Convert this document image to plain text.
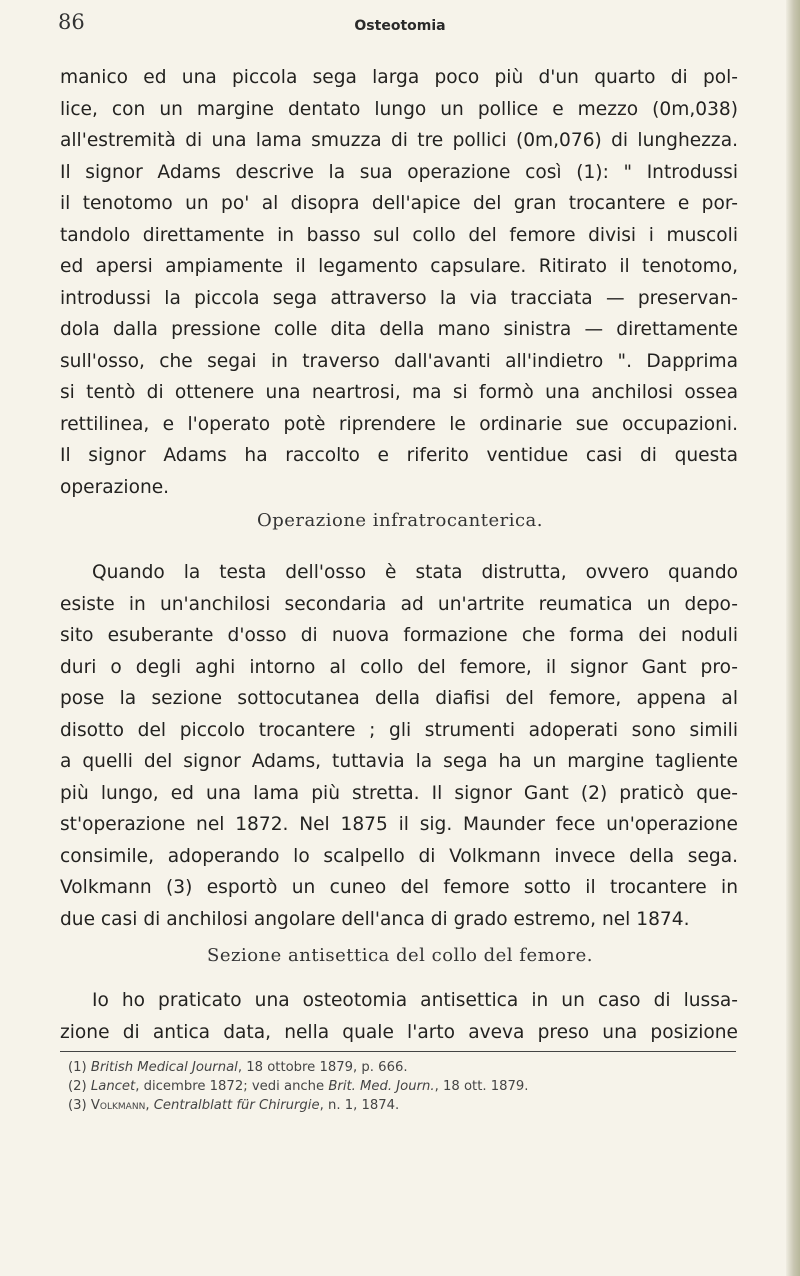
86	Osteotomia
manico ed una piccola sega larga poco più d'un quarto di pol-
lice, con un margine dentato lungo un pollice e mezzo (0m,038)
all'estremità di una lama smuzza di tre pollici (0m,076) di lunghezza.
Il signor Adams descrive la sua operazione così (1): " Introdussi
il tenotomo un po' al disopra dell'apice del gran trocantere e por-
tandolo direttamente in basso sul collo del femore divisi i muscoli
ed apersi ampiamente il legamento capsulare. Ritirato il tenotomo,
introdussi la piccola sega attraverso la via tracciata — preservan-
dola dalla pressione colle dita della mano sinistra — direttamente
sull'osso, che segai in traverso dall'avanti all'indietro ". Dapprima
si tentò di ottenere una neartrosi, ma si formò una anchilosi ossea
rettilinea, e l'operato potè riprendere le ordinarie sue occupazioni.
Il signor Adams ha raccolto e riferito ventidue casi di questa
operazione.
Operazione infratrocanterica.
Quando la testa dell'osso è stata distrutta, ovvero quando
esiste in un'anchilosi secondaria ad un'artrite reumatica un depo-
sito esuberante d'osso di nuova formazione che forma dei noduli
duri o degli aghi intorno al collo del femore, il signor Gant pro-
pose la sezione sottocutanea della diafisi del femore, appena al
disotto del piccolo trocantere ; gli strumenti adoperati sono simili
a quelli del signor Adams, tuttavia la sega ha un margine tagliente
più lungo, ed una lama più stretta. Il signor Gant (2) praticò que-
st'operazione nel 1872. Nel 1875 il sig. Maunder fece un'operazione
consimile, adoperando lo scalpello di Volkmann invece della sega.
Volkmann (3) esportò un cuneo del femore sotto il trocantere in
due casi di anchilosi angolare dell'anca di grado estremo, nel 1874.
Sezione antisettica del collo del femore.
Io ho praticato una osteotomia antisettica in un caso di lussa-
zione di antica data, nella quale l'arto aveva preso una posizione
(1) British Medical Journal, 18 ottobre 1879, p. 666.
(2) Lancet, dicembre 1872; vedi anche Brit. Med. Journ., 18 ott. 1879.
(3) Volkmann, Centralblatt für Chirurgie, n. 1, 1874.
